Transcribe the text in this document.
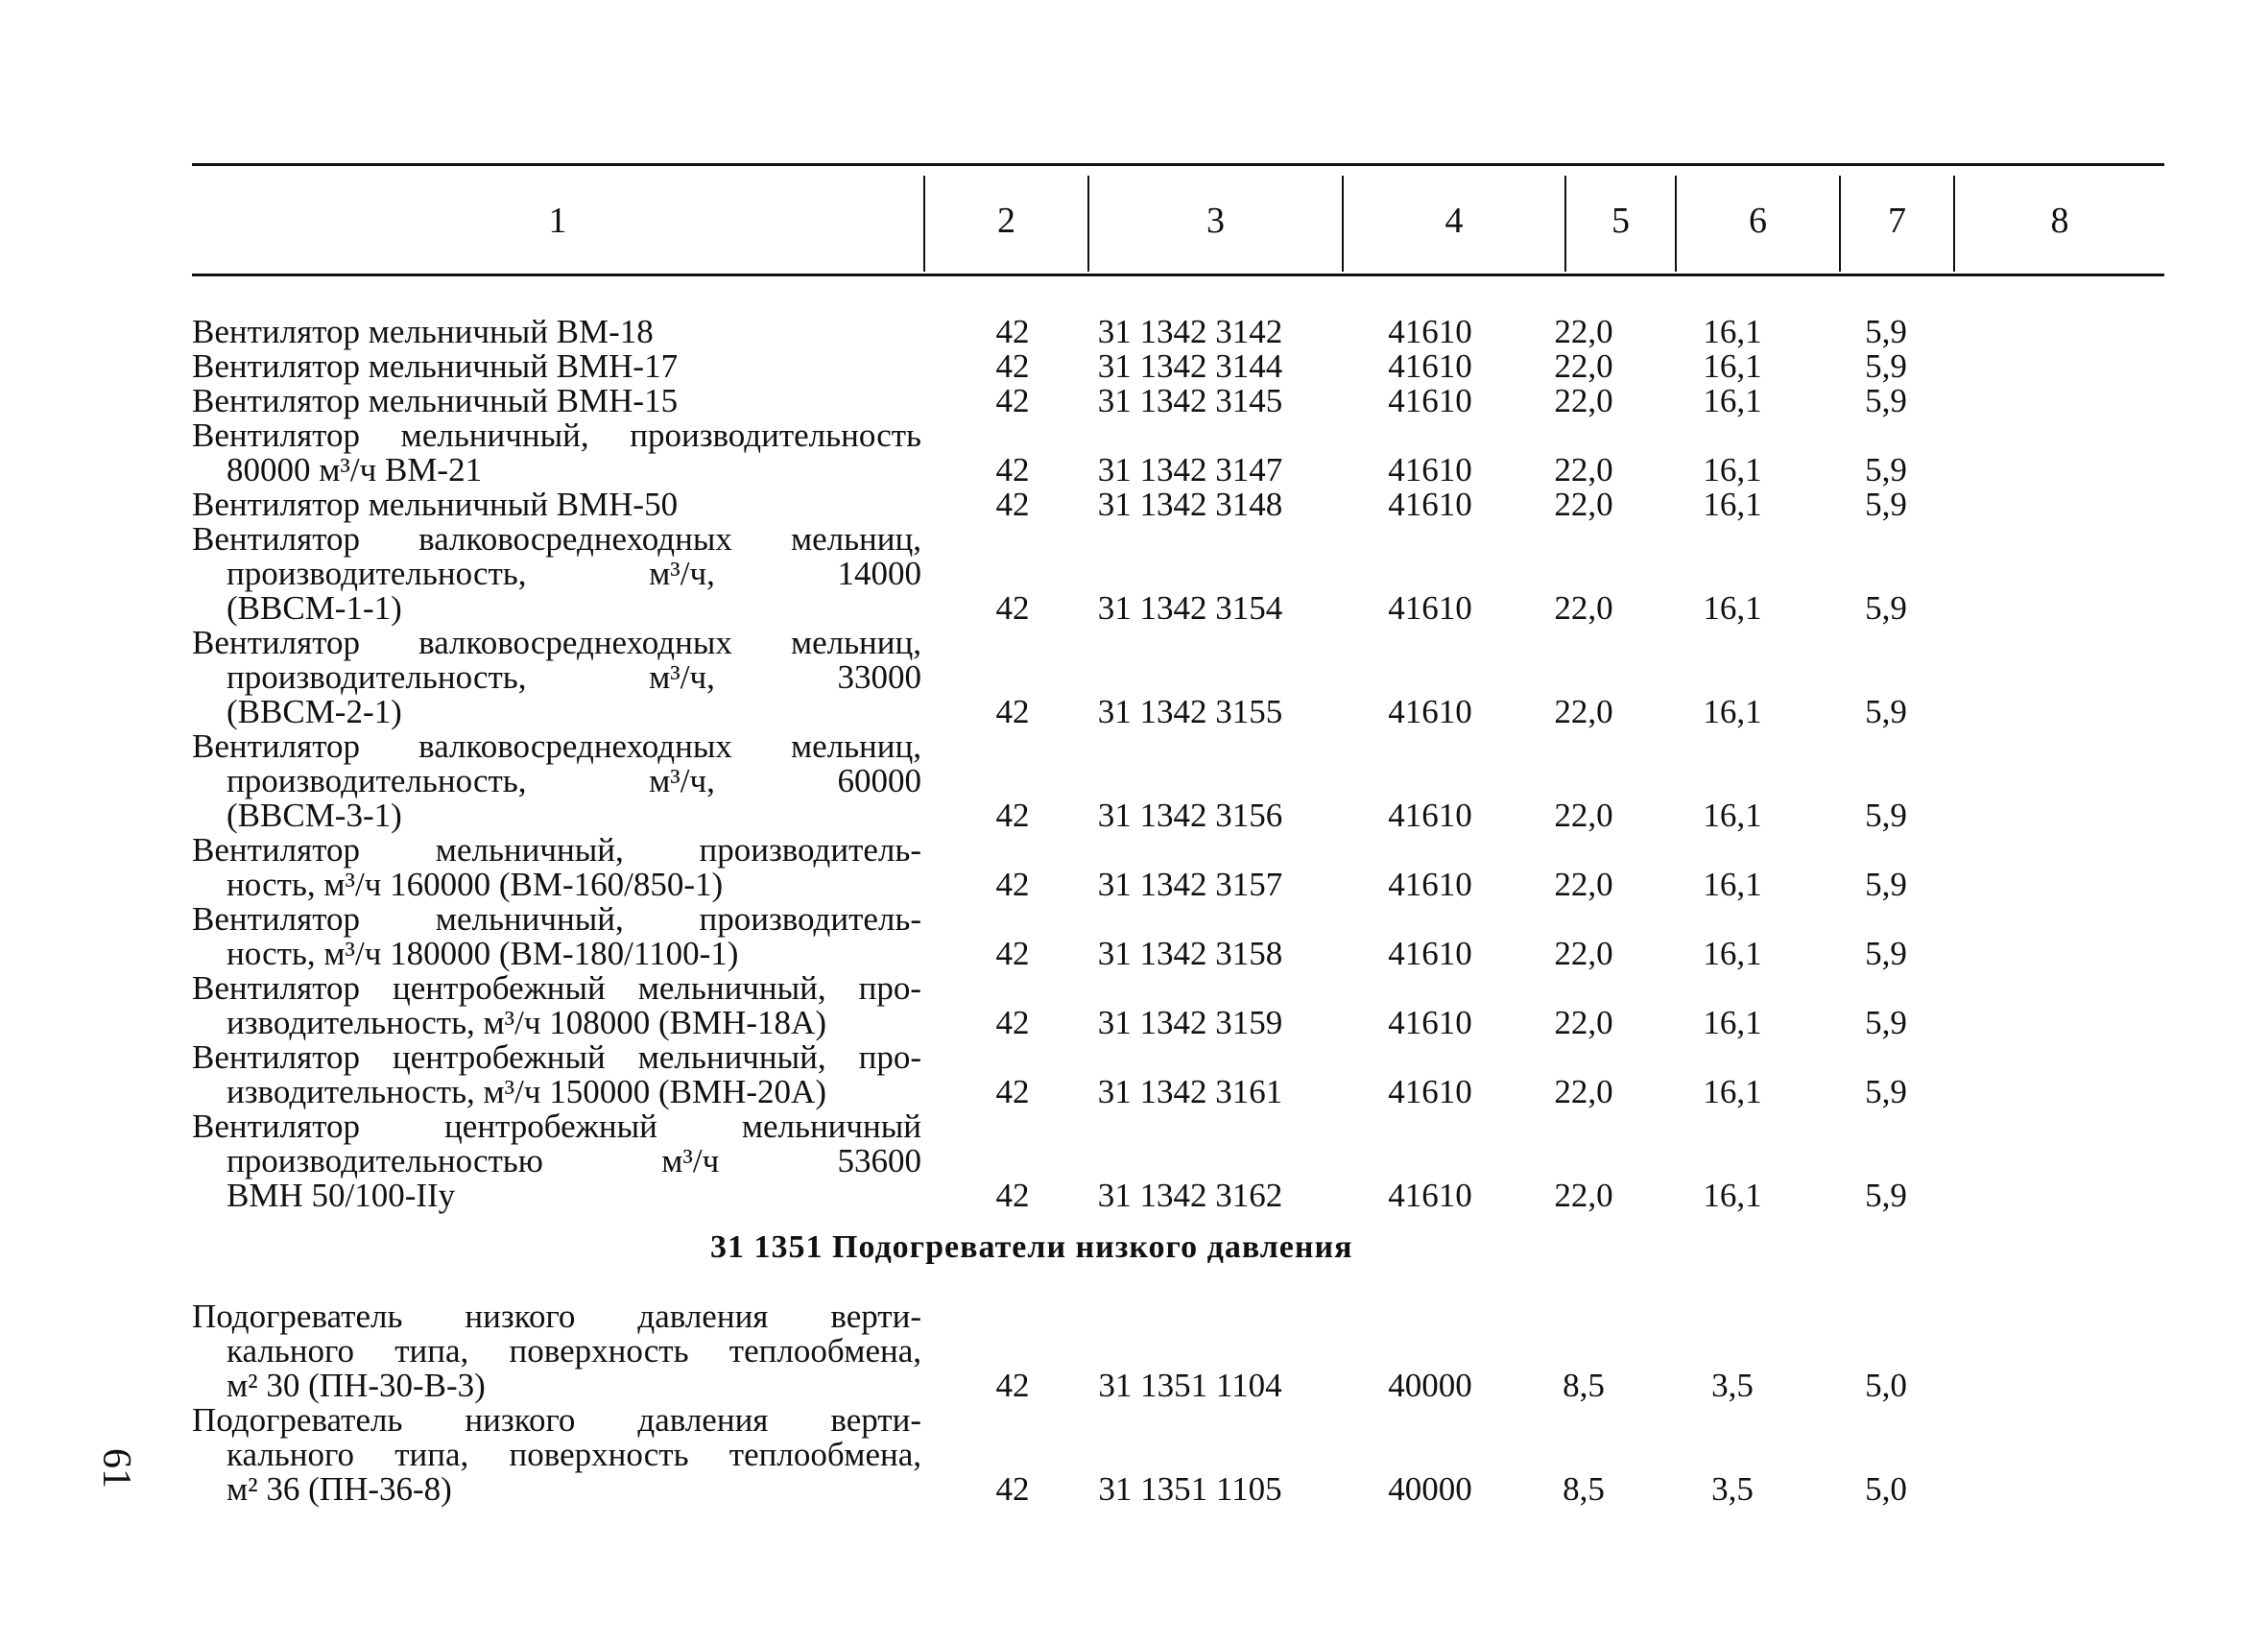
1	2	3	4	5	6	7	8
Вентилятор мельничный ВМ-18	42	31 1342 3142	41610	22,0	16,1	5,9
Вентилятор мельничный ВМН-17	42	31 1342 3144	41610	22,0	16,1	5,9
Вентилятор мельничный ВМН-15	42	31 1342 3145	41610	22,0	16,1	5,9
Вентилятор мельничный, производительность
80000 м³/ч ВМ-21	42	31 1342 3147	41610	22,0	16,1	5,9
Вентилятор мельничный ВМН-50	42	31 1342 3148	41610	22,0	16,1	5,9
Вентилятор валковосреднеходных мельниц,
производительность, м³/ч, 14000
(ВВСМ-1-1)	42	31 1342 3154	41610	22,0	16,1	5,9
Вентилятор валковосреднеходных мельниц,
производительность, м³/ч, 33000
(ВВСМ-2-1)	42	31 1342 3155	41610	22,0	16,1	5,9
Вентилятор валковосреднеходных мельниц,
производительность, м³/ч, 60000
(ВВСМ-3-1)	42	31 1342 3156	41610	22,0	16,1	5,9
Вентилятор мельничный, производитель-
ность, м³/ч 160000 (ВМ-160/850-1)	42	31 1342 3157	41610	22,0	16,1	5,9
Вентилятор мельничный, производитель-
ность, м³/ч 180000 (ВМ-180/1100-1)	42	31 1342 3158	41610	22,0	16,1	5,9
Вентилятор центробежный мельничный, про-
изводительность, м³/ч 108000 (ВМН-18А)	42	31 1342 3159	41610	22,0	16,1	5,9
Вентилятор центробежный мельничный, про-
изводительность, м³/ч 150000 (ВМН-20А)	42	31 1342 3161	41610	22,0	16,1	5,9
Вентилятор центробежный мельничный
производительностью м³/ч 53600
ВМН 50/100-IIу	42	31 1342 3162	41610	22,0	16,1	5,9
Подогреватель низкого давления верти-
кального типа, поверхность теплообмена,
м² 30 (ПН-30-В-3)	42	31 1351 1104	40000	8,5	3,5	5,0
Подогреватель низкого давления верти-
кального типа, поверхность теплообмена,
м² 36 (ПН-36-8)	42	31 1351 1105	40000	8,5	3,5	5,0
31 1351 Подогреватели низкого давления
61
